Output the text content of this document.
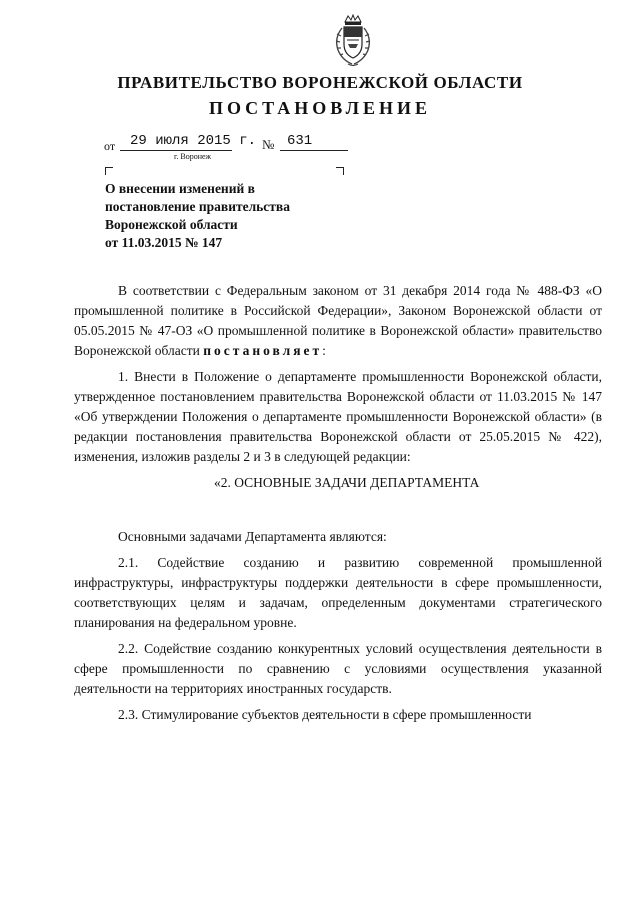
ПРАВИТЕЛЬСТВО ВОРОНЕЖСКОЙ ОБЛАСТИ
ПОСТАНОВЛЕНИЕ
от 29 июля 2015 г. № 631
г. Воронеж
О внесении изменений в
постановление правительства
Воронежской области
от 11.03.2015 № 147

В соответствии с Федеральным законом от 31 декабря 2014 года № 488-ФЗ «О промышленной политике в Российской Федерации», Законом Воронежской области от 05.05.2015 № 47-ОЗ «О промышленной политике в Воронежской области» правительство Воронежской области постановляет:

1. Внести в Положение о департаменте промышленности Воронежской области, утвержденное постановлением правительства Воронежской области от 11.03.2015 № 147 «Об утверждении Положения о департаменте промышленности Воронежской области» (в редакции постановления правительства Воронежской области от 25.05.2015 № 422), изменения, изложив разделы 2 и 3 в следующей редакции:

«2. ОСНОВНЫЕ ЗАДАЧИ ДЕПАРТАМЕНТА

Основными задачами Департамента являются:

2.1. Содействие созданию и развитию современной промышленной инфраструктуры, инфраструктуры поддержки деятельности в сфере промышленности, соответствующих целям и задачам, определенным документами стратегического планирования на федеральном уровне.

2.2. Содействие созданию конкурентных условий осуществления деятельности в сфере промышленности по сравнению с условиями осуществления указанной деятельности на территориях иностранных государств.

2.3. Стимулирование субъектов деятельности в сфере промышленности
